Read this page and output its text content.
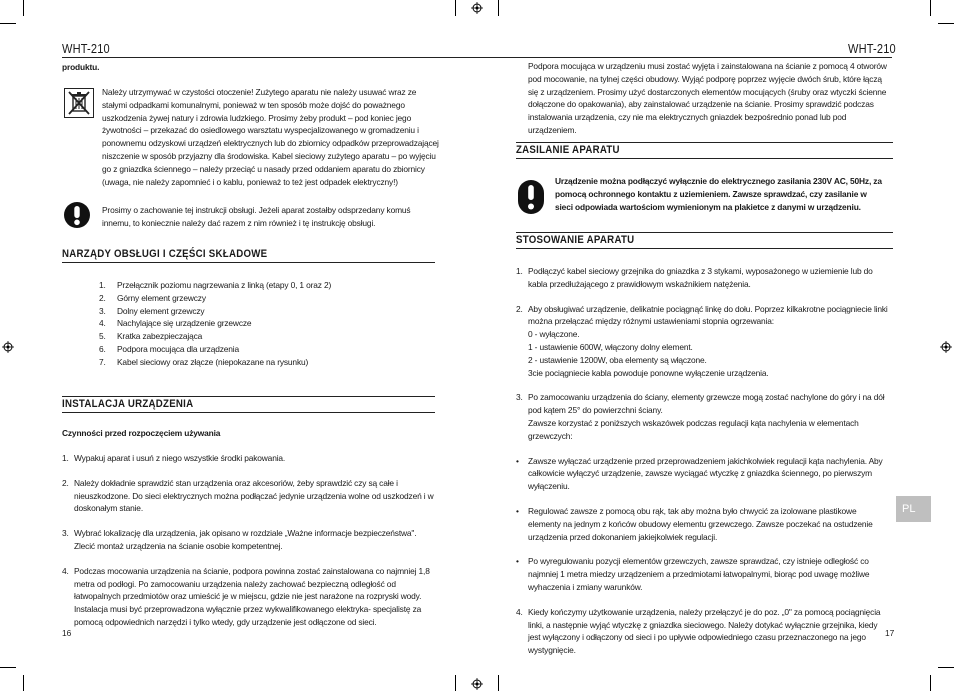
WHT-210
produktu.
Należy utrzymywać w czystości otoczenie! Zużytego aparatu nie należy usuwać wraz ze stałymi odpadkami komunalnymi, ponieważ w ten sposób może dojść do poważnego uszkodzenia żywej natury i zdrowia ludzkiego. Prosimy żeby produkt – pod koniec jego żywotności – przekazać do osiedlowego warsztatu wyspecjalizowanego w gromadzeniu i ponownemu odzyskowi urządzeń elektrycznych lub do zbiornicy odpadków przeprowadzającej niszczenie w sposób przyjazny dla środowiska. Kabel sieciowy zużytego aparatu – po wyjęciu go z gniazdka ściennego – należy przeciąć u nasady przed oddaniem aparatu do zbiornicy (uwaga, nie należy zapomnieć i o kablu, ponieważ to też jest odpadek elektryczny!)
Prosimy o zachowanie tej instrukcji obsługi. Jeżeli aparat zostałby odsprzedany komuś innemu, to koniecznie należy dać razem z nim również i tę instrukcję obsługi.
NARZĄDY OBSŁUGI I CZĘŚCI SKŁADOWE
1. Przełącznik poziomu nagrzewania z linką (etapy 0, 1 oraz 2)
2. Górny element grzewczy
3. Dolny element grzewczy
4. Nachylające się urządzenie grzewcze
5. Kratka zabezpieczająca
6. Podpora mocująca dla urządzenia
7. Kabel sieciowy oraz złącze (niepokazane na rysunku)
INSTALACJA URZĄDZENIA
Czynności przed rozpoczęciem używania
1. Wypakuj aparat i usuń z niego wszystkie środki pakowania.
2. Należy dokładnie sprawdzić stan urządzenia oraz akcesoriów, żeby sprawdzić czy są całe i nieuszkodzone. Do sieci elektrycznych można podłączać jedynie urządzenia wolne od uszkodzeń i w doskonałym stanie.
3. Wybrać lokalizację dla urządzenia, jak opisano w rozdziale „Ważne informacje bezpieczeństwa". Zlecić montaż urządzenia na ścianie osobie kompetentnej.
4. Podczas mocowania urządzenia na ścianie, podpora powinna zostać zainstalowana co najmniej 1,8 metra od podłogi. Po zamocowaniu urządzenia należy zachować bezpieczną odległość od łatwopalnych przedmiotów oraz umieścić je w miejscu, gdzie nie jest narażone na rozpryski wody. Instalacja musi być przeprowadzona wyłącznie przez wykwalifikowanego elektryka- specjalistę za pomocą odpowiednich narzędzi i tylko wtedy, gdy urządzenie jest odłączone od sieci.
16
WHT-210
Podpora mocująca w urządzeniu musi zostać wyjęta i zainstalowana na ścianie z pomocą 4 otworów pod mocowanie, na tylnej części obudowy. Wyjąć podporę poprzez wyjęcie dwóch śrub, które łączą się z urządzeniem. Prosimy użyć dostarczonych elementów mocujących (śruby oraz wtyczki ścienne dołączone do opakowania), aby zainstalować urządzenie na ścianie. Prosimy sprawdzić podczas instalowania urządzenia, czy nie ma elektrycznych gniazdek bezpośrednio ponad lub pod urządzeniem.
ZASILANIE APARATU
Urządzenie można podłączyć wyłącznie do elektrycznego zasilania 230V AC, 50Hz, za pomocą ochronnego kontaktu z uziemieniem. Zawsze sprawdzać, czy zasilanie w sieci odpowiada wartościom wymienionym na plakietce z danymi w urządzeniu.
STOSOWANIE APARATU
1. Podłączyć kabel sieciowy grzejnika do gniazdka z 3 stykami, wyposażonego w uziemienie lub do kabla przedłużającego z prawidłowym wskaźnikiem natężenia.
2. Aby obsługiwać urządzenie, delikatnie pociągnąć linkę do dołu. Poprzez kilkakrotne pociągniecie linki można przełączać między różnymi ustawieniami stopnia ogrzewania:
0 - wyłączone.
1 - ustawienie 600W, włączony dolny element.
2 - ustawienie 1200W, oba elementy są włączone.
3cie pociągniecie kabla powoduje ponowne wyłączenie urządzenia.
3. Po zamocowaniu urządzenia do ściany, elementy grzewcze mogą zostać nachylone do góry i na dół pod kątem 25° do powierzchni ściany.
Zawsze korzystać z poniższych wskazówek podczas regulacji kąta nachylenia w elementach grzewczych:
• Zawsze wyłączać urządzenie przed przeprowadzeniem jakichkolwiek regulacji kąta nachylenia. Aby całkowicie wyłączyć urządzenie, zawsze wyciągać wtyczkę z gniazdka ściennego, po pierwszym wyłączeniu.
• Regulować zawsze z pomocą obu rąk, tak aby można było chwycić za izolowane plastikowe elementy na jednym z końców obudowy elementu grzewczego. Zawsze poczekać na ostudzenie urządzenia przed dokonaniem jakiejkolwiek regulacji.
• Po wyregulowaniu pozycji elementów grzewczych, zawsze sprawdzać, czy istnieje odległość co najmniej 1 metra miedzy urządzeniem a przedmiotami łatwopalnymi, biorąc pod uwagę możliwe wyhaczenia i zmiany warunków.
4. Kiedy kończymy użytkowanie urządzenia, należy przełączyć je do poz. „0" za pomocą pociągnięcia linki, a następnie wyjąć wtyczkę z gniazdka sieciowego. Należy dotykać wyłącznie grzejnika, kiedy jest wyłączony i odłączony od sieci i po upływie odpowiedniego czasu przeznaczonego na jego wystygnięcie.
PL
17
